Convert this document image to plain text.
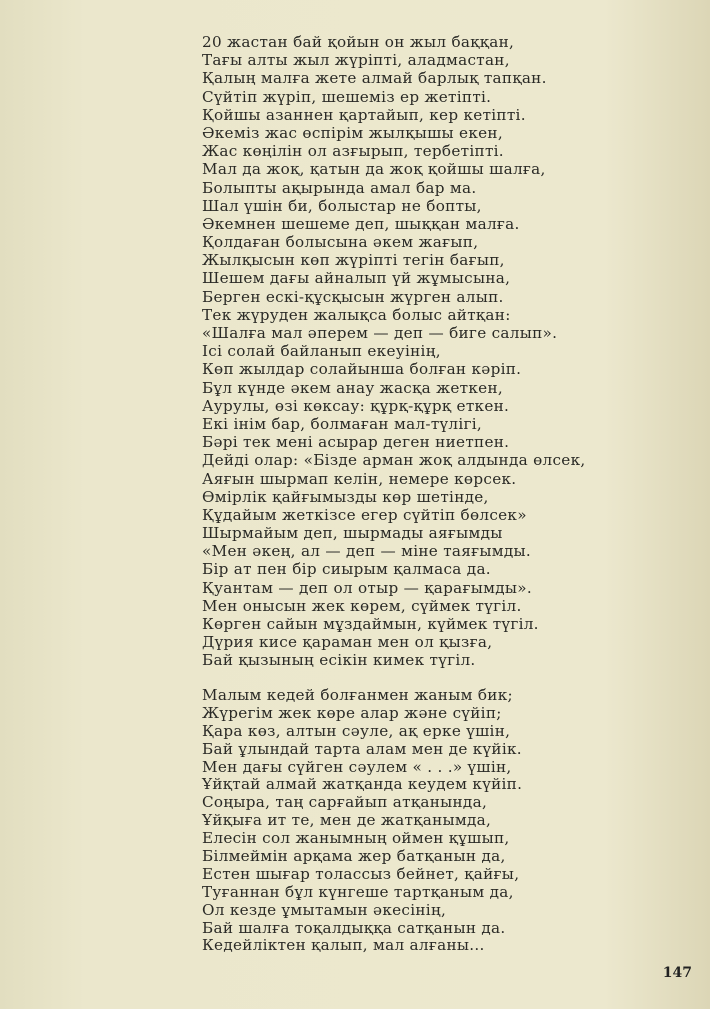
20 жастан бай қойын он жыл баққан,
Тағы алты жыл жүріпті, аладмастан,
Қалың малға жете алмай барлық тапқан.
Сүйтіп жүріп, шешеміз ер жетіпті.
Қойшы азаннен қартайып, кер кетіпті.
Әкеміз жас өспірім жылқышы екен,
Жас көңілін ол азғырып, тербетіпті.
Мал да жоқ, қатын да жоқ қойшы шалға,
Болыпты ақырында амал бар ма.
Шал үшін би, болыстар не бопты,
Әкемнен шешеме деп, шыққан малға.
Қолдаған болысына әкем жағып,
Жылқысын көп жүріпті тегін бағып,
Шешем дағы айналып үй жұмысына,
Берген ескі-құсқысын жүрген алып.
Тек жүруден жалықса болыс айтқан:
«Шалға мал әперем — деп — биге салып».
Ісі солай байланып екеуінің,
Көп жылдар солайынша болған кәріп.
Бұл күнде әкем анау жасқа жеткен,
Аурулы, өзі көксау: құрқ-құрқ еткен.
Екі інім бар, болмаған мал-түлігі,
Бәрі тек мені асырар деген ниетпен.
Дейді олар: «Бізде арман жоқ алдында өлсек,
Аяғын шырмап келін, немере көрсек.
Өмірлік қайғымызды көр шетінде,
Құдайым жеткізсе егер сүйтіп бөлсек»
Шырмайым деп, шырмады аяғымды
«Мен әкең, ал — деп — міне таяғымды.
Бір ат пен бір сиырым қалмаса да.
Қуантам — деп ол отыр — қарағымды».
Мен онысын жек көрем, сүймек түгіл.
Көрген сайын мұздаймын, күймек түгіл.
Дүрия кисе қараман мен ол қызға,
Бай қызының есікін кимек түгіл.
Малым кедей болғанмен жаным бик;
Жүрегім жек көре алар және сүйіп;
Қара көз, алтын сәуле, ақ ерке үшін,
Бай ұлындай тарта алам мен де күйік.
Мен дағы сүйген сәулем « . . .» үшін,
Ұйқтай алмай жатқанда кеудем күйіп.
Соңыра, таң сарғайып атқанында,
Ұйқыға ит те, мен де жатқанымда,
Елесін сол жанымның оймен құшып,
Білмеймін арқама жер батқанын да,
Естен шығар толассыз бейнет, қайғы,
Туғаннан бұл күнгеше тартқаным да,
Ол кезде ұмытамын әкесінің,
Бай шалға тоқалдыққа сатқанын да.
Кедейліктен қалып, мал алғаны...
147
